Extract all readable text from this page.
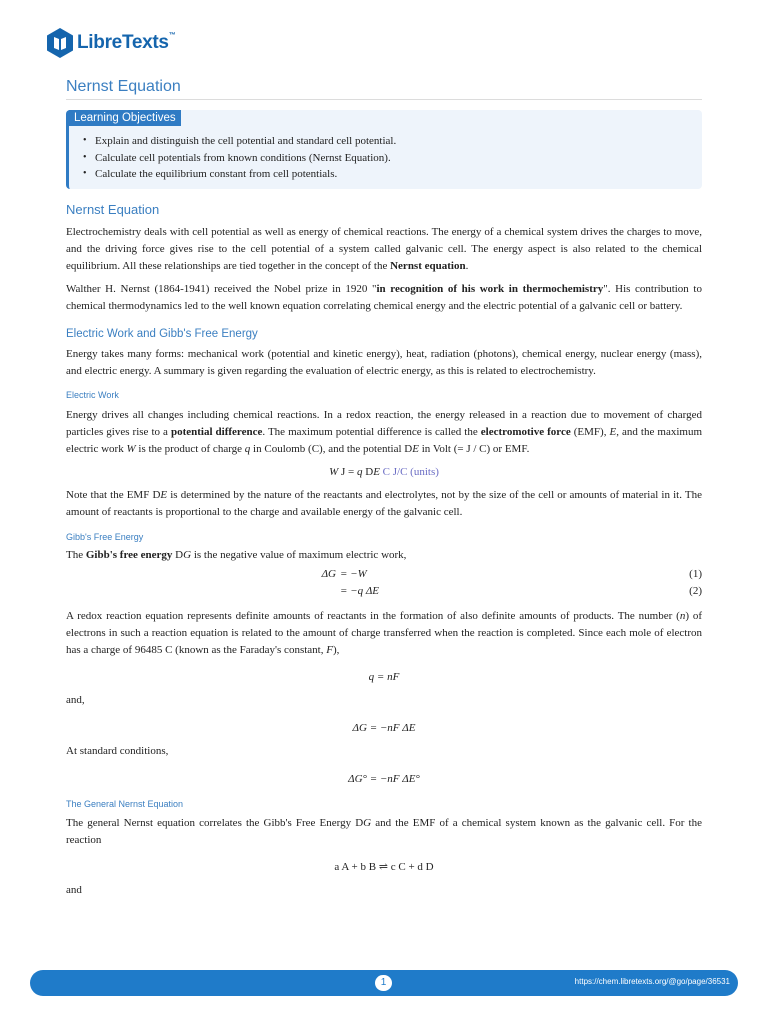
LibreTexts™
Nernst Equation
Learning Objectives
• Explain and distinguish the cell potential and standard cell potential.
• Calculate cell potentials from known conditions (Nernst Equation).
• Calculate the equilibrium constant from cell potentials.
Nernst Equation

Electrochemistry deals with cell potential as well as energy of chemical reactions. The energy of a chemical system drives the charges to move, and the driving force gives rise to the cell potential of a system called galvanic cell. The energy aspect is also related to the chemical equilibrium. All these relationships are tied together in the concept of the Nernst equation.

Walther H. Nernst (1864-1941) received the Nobel prize in 1920 "in recognition of his work in thermochemistry". His contribution to chemical thermodynamics led to the well known equation correlating chemical energy and the electric potential of a galvanic cell or battery.

Electric Work and Gibb's Free Energy

Energy takes many forms: mechanical work (potential and kinetic energy), heat, radiation (photons), chemical energy, nuclear energy (mass), and electric energy. A summary is given regarding the evaluation of electric energy, as this is related to electrochemistry.

Electric Work

Energy drives all changes including chemical reactions. In a redox reaction, the energy released in a reaction due to movement of charged particles gives rise to a potential difference. The maximum potential difference is called the electromotive force (EMF), E, and the maximum electric work W is the product of charge q in Coulomb (C), and the potential DE in Volt (= J / C) or EMF.

W J = q DE C J/C (units)

Note that the EMF DE is determined by the nature of the reactants and electrolytes, not by the size of the cell or amounts of material in it. The amount of reactants is proportional to the charge and available energy of the galvanic cell.

Gibb's Free Energy

The Gibb's free energy DG is the negative value of maximum electric work,

ΔG = −W	(1)
= −q ΔE	(2)

A redox reaction equation represents definite amounts of reactants in the formation of also definite amounts of products. The number (n) of electrons in such a reaction equation is related to the amount of charge transferred when the reaction is completed. Since each mole of electron has a charge of 96485 C (known as the Faraday's constant, F),

q = nF

and,

ΔG = −nF ΔE

At standard conditions,

ΔG° = −nF ΔE°
The General Nernst Equation

The general Nernst equation correlates the Gibb's Free Energy DG and the EMF of a chemical system known as the galvanic cell. For the reaction

a A + b B ⇌ c C + d D

and

1	https://chem.libretexts.org/@go/page/36531
